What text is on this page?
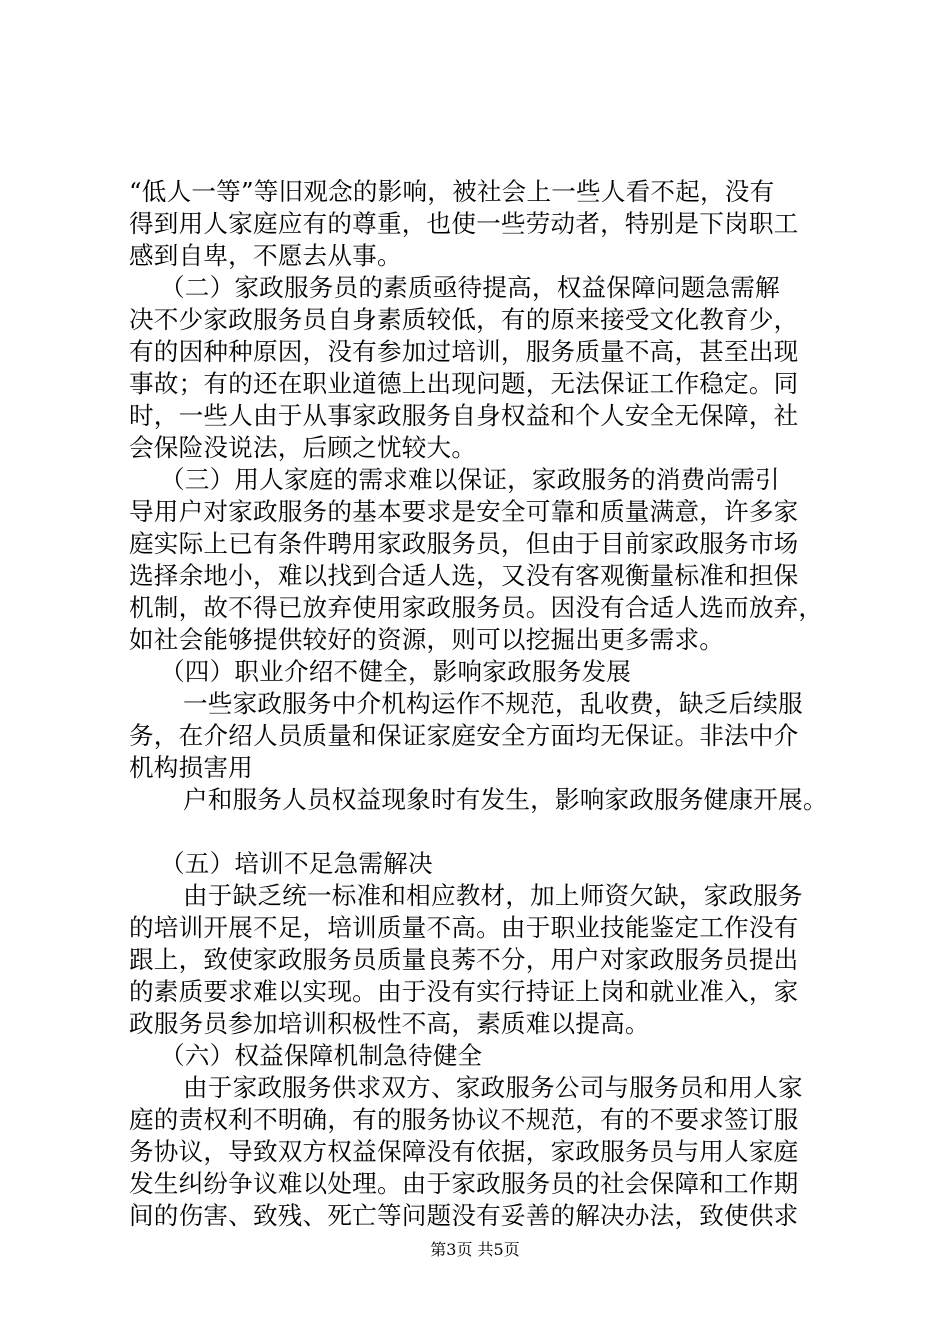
“低人一等”等旧观念的影响，被社会上一些人看不起，没有
得到用人家庭应有的尊重，也使一些劳动者，特别是下岗职工
感到自卑，不愿去从事。
（二）家政服务员的素质亟待提高，权益保障问题急需解
决不少家政服务员自身素质较低，有的原来接受文化教育少，
有的因种种原因，没有参加过培训，服务质量不高，甚至出现
事故；有的还在职业道德上出现问题，无法保证工作稳定。同
时，一些人由于从事家政服务自身权益和个人安全无保障，社
会保险没说法，后顾之忧较大。
（三）用人家庭的需求难以保证，家政服务的消费尚需引
导用户对家政服务的基本要求是安全可靠和质量满意，许多家
庭实际上已有条件聘用家政服务员，但由于目前家政服务市场
选择余地小，难以找到合适人选，又没有客观衡量标准和担保
机制，故不得已放弃使用家政服务员。因没有合适人选而放弃，
如社会能够提供较好的资源，则可以挖掘出更多需求。
（四）职业介绍不健全，影响家政服务发展
一些家政服务中介机构运作不规范，乱收费，缺乏后续服
务，在介绍人员质量和保证家庭安全方面均无保证。非法中介
机构损害用
户和服务人员权益现象时有发生，影响家政服务健康开展。
（五）培训不足急需解决
由于缺乏统一标准和相应教材，加上师资欠缺，家政服务
的培训开展不足，培训质量不高。由于职业技能鉴定工作没有
跟上，致使家政服务员质量良莠不分，用户对家政服务员提出
的素质要求难以实现。由于没有实行持证上岗和就业准入，家
政服务员参加培训积极性不高，素质难以提高。
（六）权益保障机制急待健全
由于家政服务供求双方、家政服务公司与服务员和用人家
庭的责权利不明确，有的服务协议不规范，有的不要求签订服
务协议，导致双方权益保障没有依据，家政服务员与用人家庭
发生纠纷争议难以处理。由于家政服务员的社会保障和工作期
间的伤害、致残、死亡等问题没有妥善的解决办法，致使供求
第3页 共5页
